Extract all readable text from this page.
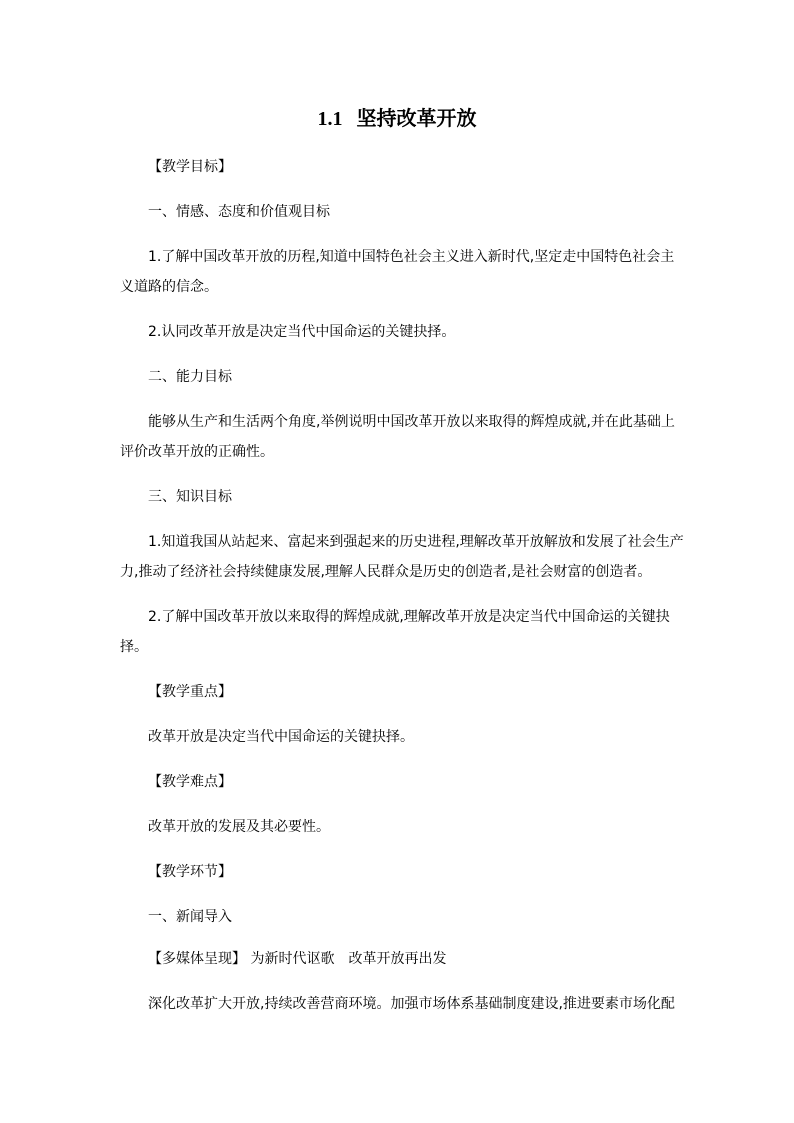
1.1 坚持改革开放
【教学目标】
一、情感、态度和价值观目标
1.了解中国改革开放的历程,知道中国特色社会主义进入新时代,坚定走中国特色社会主
义道路的信念。
2.认同改革开放是决定当代中国命运的关键抉择。
二、能力目标
能够从生产和生活两个角度,举例说明中国改革开放以来取得的辉煌成就,并在此基础上
评价改革开放的正确性。
三、知识目标
1.知道我国从站起来、富起来到强起来的历史进程,理解改革开放解放和发展了社会生产
力,推动了经济社会持续健康发展,理解人民群众是历史的创造者,是社会财富的创造者。
2.了解中国改革开放以来取得的辉煌成就,理解改革开放是决定当代中国命运的关键抉
择。
【教学重点】
改革开放是决定当代中国命运的关键抉择。
【教学难点】
改革开放的发展及其必要性。
【教学环节】
一、新闻导入
【多媒体呈现】 为新时代讴歌　改革开放再出发
深化改革扩大开放,持续改善营商环境。加强市场体系基础制度建设,推进要素市场化配
